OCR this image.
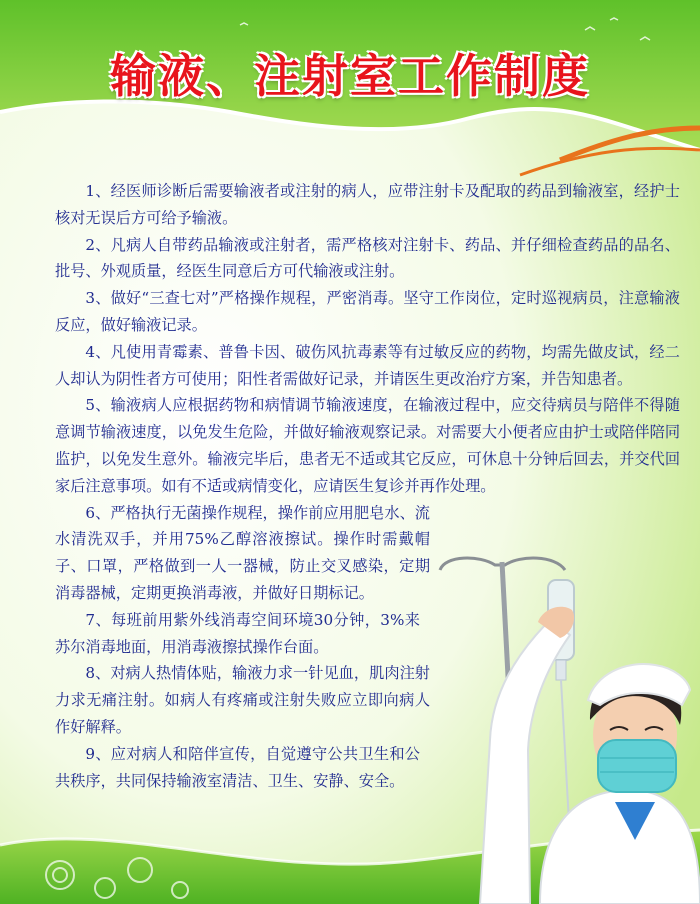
输液、注射室工作制度

1、经医师诊断后需要输液者或注射的病人，应带注射卡及配取的药品到输液室，经护士核对无误后方可给予输液。

2、凡病人自带药品输液或注射者，需严格核对注射卡、药品、并仔细检查药品的品名、批号、外观质量，经医生同意后方可代输液或注射。

3、做好“三查七对”严格操作规程，严密消毒。坚守工作岗位，定时巡视病员，注意输液反应，做好输液记录。

4、凡使用青霉素、普鲁卡因、破伤风抗毒素等有过敏反应的药物，均需先做皮试，经二人却认为阴性者方可使用；阳性者需做好记录，并请医生更改治疗方案，并告知患者。

5、输液病人应根据药物和病情调节输液速度，在输液过程中，应交待病员与陪伴不得随意调节输液速度，以免发生危险，并做好输液观察记录。对需要大小便者应由护士或陪伴陪同监护，以免发生意外。输液完毕后，患者无不适或其它反应，可休息十分钟后回去，并交代回家后注意事项。如有不适或病情变化，应请医生复诊并再作处理。

6、严格执行无菌操作规程，操作前应用肥皂水、流水清洗双手，并用75%乙醇溶液擦试。操作时需戴帽子、口罩，严格做到一人一器械，防止交叉感染，定期消毒器械，定期更换消毒液，并做好日期标记。

7、每班前用紫外线消毒空间环境30分钟，3%来苏尔消毒地面，用消毒液擦拭操作台面。

8、对病人热情体贴，输液力求一针见血，肌肉注射力求无痛注射。如病人有疼痛或注射失败应立即向病人作好解释。

9、应对病人和陪伴宣传，自觉遵守公共卫生和公共秩序，共同保持输液室清洁、卫生、安静、安全。
